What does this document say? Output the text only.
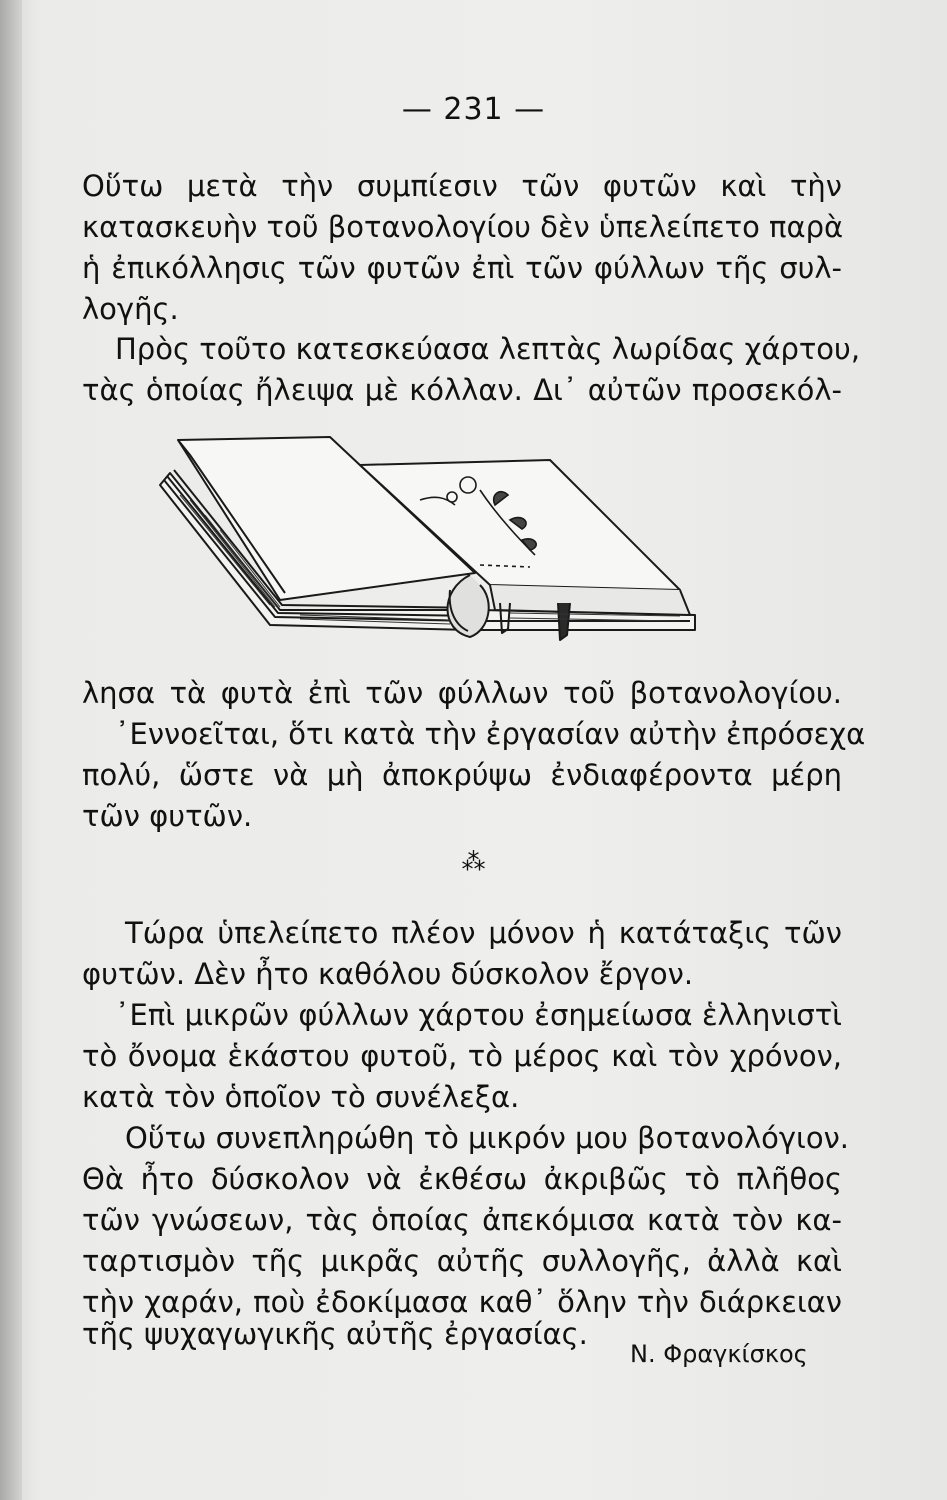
— 231 —
Οὕτω μετὰ τὴν συμπίεσιν τῶν φυτῶν καὶ τὴν
κατασκευὴν τοῦ βοτανολογίου δὲν ὑπελείπετο παρὰ
ἡ ἐπικόλλησις τῶν φυτῶν ἐπὶ τῶν φύλλων τῆς συλ-
λογῆς.
Πρὸς τοῦτο κατεσκεύασα λεπτὰς λωρίδας χάρτου,
τὰς ὁποίας ἤλειψα μὲ κόλλαν. Δι᾿ αὐτῶν προσεκόλ-
λησα τὰ φυτὰ ἐπὶ τῶν φύλλων τοῦ βοτανολογίου.
᾿Εννοεῖται, ὅτι κατὰ τὴν ἐργασίαν αὐτὴν ἐπρόσεχα
πολύ, ὥστε νὰ μὴ ἀποκρύψω ἐνδιαφέροντα μέρη
τῶν φυτῶν.
⁂
Τώρα ὑπελείπετο πλέον μόνον ἡ κατάταξις τῶν
φυτῶν. Δὲν ἦτο καθόλου δύσκολον ἔργον.
᾿Επὶ μικρῶν φύλλων χάρτου ἐσημείωσα ἑλληνιστὶ
τὸ ὄνομα ἑκάστου φυτοῦ, τὸ μέρος καὶ τὸν χρόνον,
κατὰ τὸν ὁποῖον τὸ συνέλεξα.
Οὕτω συνεπληρώθη τὸ μικρόν μου βοτανολόγιον.
Θὰ ἦτο δύσκολον νὰ ἐκθέσω ἀκριβῶς τὸ πλῆθος
τῶν γνώσεων, τὰς ὁποίας ἀπεκόμισα κατὰ τὸν κα-
ταρτισμὸν τῆς μικρᾶς αὐτῆς συλλογῆς, ἀλλὰ καὶ
τὴν χαράν, ποὺ ἐδοκίμασα καθ᾿ ὅλην τὴν διάρκειαν
τῆς ψυχαγωγικῆς αὐτῆς ἐργασίας.
Ν. Φραγκίσκος
